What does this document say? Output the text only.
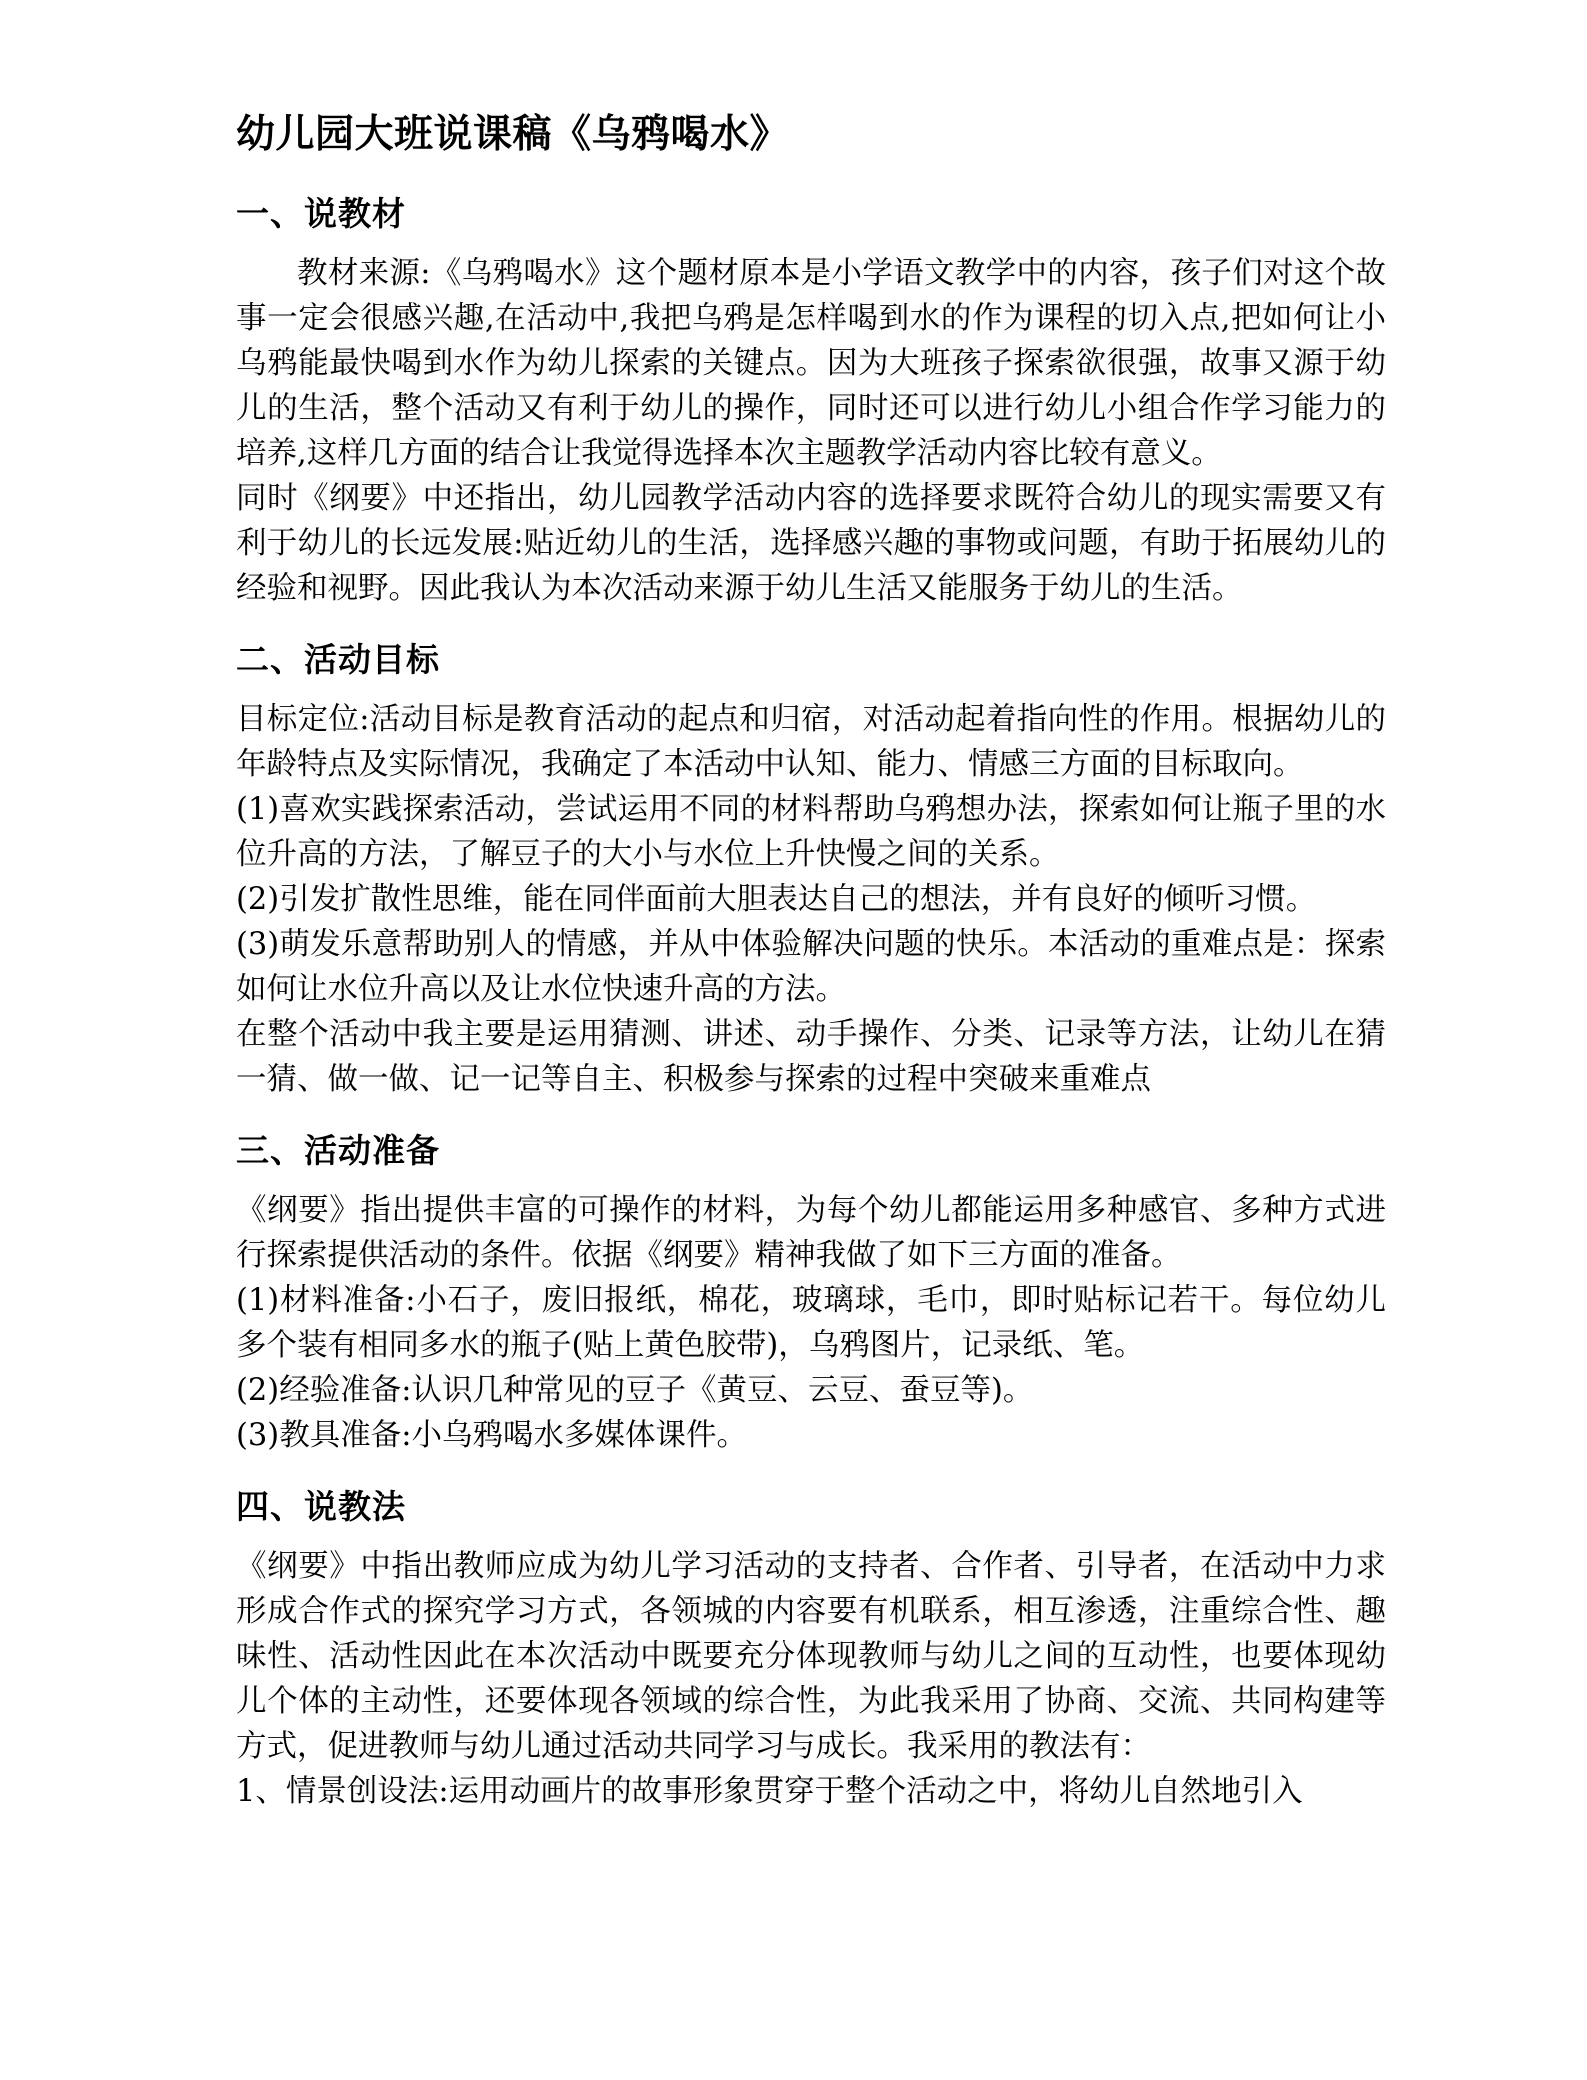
幼儿园大班说课稿《乌鸦喝水》
一、说教材

教材来源:《乌鸦喝水》这个题材原本是小学语文教学中的内容，孩子们对这个故事一定会很感兴趣,在活动中,我把乌鸦是怎样喝到水的作为课程的切入点,把如何让小乌鸦能最快喝到水作为幼儿探索的关键点。因为大班孩子探索欲很强，故事又源于幼儿的生活，整个活动又有利于幼儿的操作，同时还可以进行幼儿小组合作学习能力的培养,这样几方面的结合让我觉得选择本次主题教学活动内容比较有意义。

同时《纲要》中还指出，幼儿园教学活动内容的选择要求既符合幼儿的现实需要又有利于幼儿的长远发展:贴近幼儿的生活，选择感兴趣的事物或问题，有助于拓展幼儿的经验和视野。因此我认为本次活动来源于幼儿生活又能服务于幼儿的生活。

二、活动目标

目标定位:活动目标是教育活动的起点和归宿，对活动起着指向性的作用。根据幼儿的年龄特点及实际情况，我确定了本活动中认知、能力、情感三方面的目标取向。

(1)喜欢实践探索活动，尝试运用不同的材料帮助乌鸦想办法，探索如何让瓶子里的水位升高的方法，了解豆子的大小与水位上升快慢之间的关系。

(2)引发扩散性思维，能在同伴面前大胆表达自己的想法，并有良好的倾听习惯。

(3)萌发乐意帮助别人的情感，并从中体验解决问题的快乐。本活动的重难点是：探索如何让水位升高以及让水位快速升高的方法。

在整个活动中我主要是运用猜测、讲述、动手操作、分类、记录等方法，让幼儿在猜一猜、做一做、记一记等自主、积极参与探索的过程中突破来重难点

三、活动准备

《纲要》指出提供丰富的可操作的材料，为每个幼儿都能运用多种感官、多种方式进行探索提供活动的条件。依据《纲要》精神我做了如下三方面的准备。

(1)材料准备:小石子，废旧报纸，棉花，玻璃球，毛巾，即时贴标记若干。每位幼儿多个装有相同多水的瓶子(贴上黄色胶带)，乌鸦图片，记录纸、笔。

(2)经验准备:认识几种常见的豆子《黄豆、云豆、蚕豆等)。

(3)教具准备:小乌鸦喝水多媒体课件。

四、说教法

《纲要》中指出教师应成为幼儿学习活动的支持者、合作者、引导者，在活动中力求形成合作式的探究学习方式，各领城的内容要有机联系，相互渗透，注重综合性、趣味性、活动性因此在本次活动中既要充分体现教师与幼儿之间的互动性，也要体现幼儿个体的主动性，还要体现各领域的综合性，为此我采用了协商、交流、共同构建等方式，促进教师与幼儿通过活动共同学习与成长。我采用的教法有：

1、情景创设法:运用动画片的故事形象贯穿于整个活动之中，将幼儿自然地引入
